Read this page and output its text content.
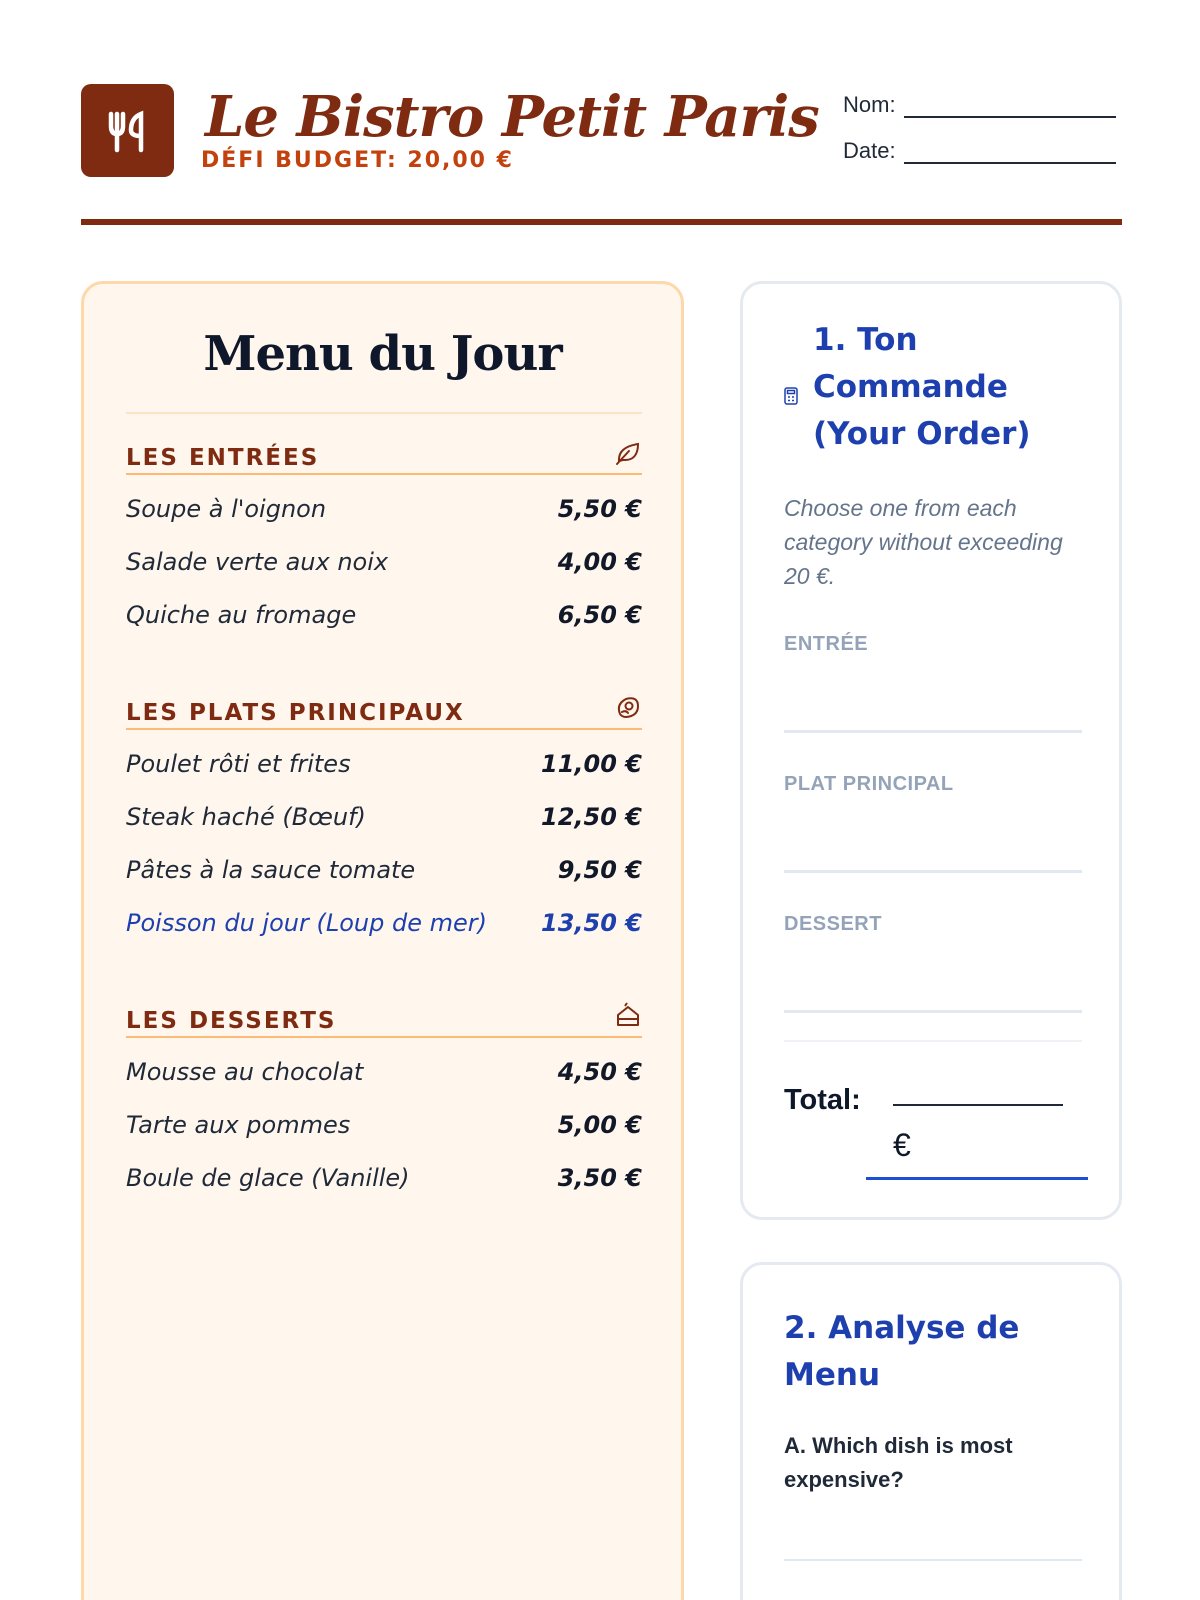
Le Bistro Petit Paris
DÉFI BUDGET: 20,00 €
Nom:
Date:
Menu du Jour
LES ENTRÉES
Soupe à l'oignon	5,50 €
Salade verte aux noix	4,00 €
Quiche au fromage	6,50 €
LES PLATS PRINCIPAUX
Poulet rôti et frites	11,00 €
Steak haché (Bœuf)	12,50 €
Pâtes à la sauce tomate	9,50 €
Poisson du jour (Loup de mer) 13,50 €
LES DESSERTS
Mousse au chocolat	4,50 €
Tarte aux pommes	5,00 €
Boule de glace (Vanille)	3,50 €
1. Ton
Commande
(Your Order)
Choose one from each category without exceeding 20 €.
ENTRÉE
PLAT PRINCIPAL
DESSERT
Total:
€
2. Analyse de
Menu
A. Which dish is most expensive?
